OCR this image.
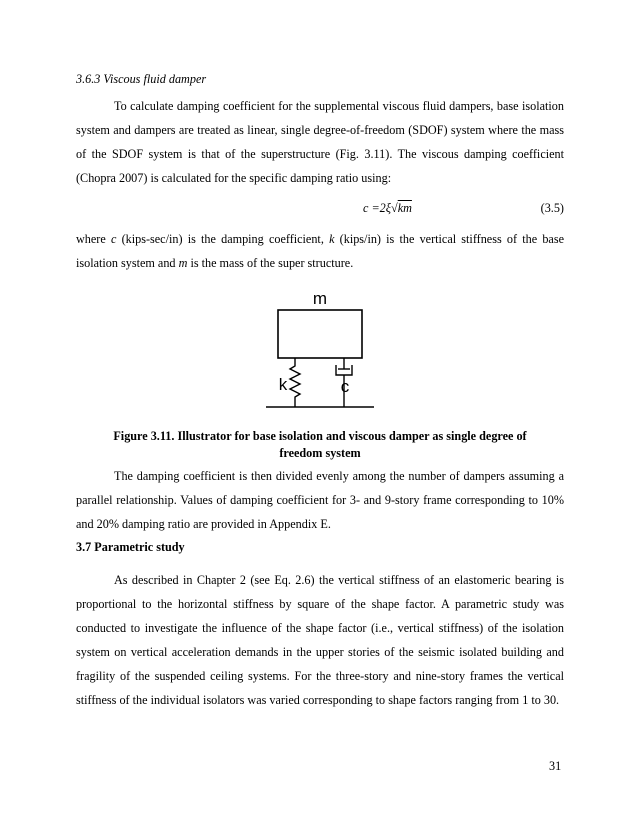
3.6.3 Viscous fluid damper
To calculate damping coefficient for the supplemental viscous fluid dampers, base isolation system and dampers are treated as linear, single degree-of-freedom (SDOF) system where the mass of the SDOF system is that of the superstructure (Fig. 3.11). The viscous damping coefficient (Chopra 2007) is calculated for the specific damping ratio using:
c =2ξ√km	(3.5)
where c (kips-sec/in) is the damping coefficient, k (kips/in) is the vertical stiffness of the base isolation system and m is the mass of the super structure.
m
k	c
Figure 3.11. Illustrator for base isolation and viscous damper as single degree of freedom system
The damping coefficient is then divided evenly among the number of dampers assuming a parallel relationship. Values of damping coefficient for 3- and 9-story frame corresponding to 10% and 20% damping ratio are provided in Appendix E.
3.7 Parametric study
As described in Chapter 2 (see Eq. 2.6) the vertical stiffness of an elastomeric bearing is proportional to the horizontal stiffness by square of the shape factor. A parametric study was conducted to investigate the influence of the shape factor (i.e., vertical stiffness) of the isolation system on vertical acceleration demands in the upper stories of the seismic isolated building and fragility of the suspended ceiling systems. For the three-story and nine-story frames the vertical stiffness of the individual isolators was varied corresponding to shape factors ranging from 1 to 30.
31
